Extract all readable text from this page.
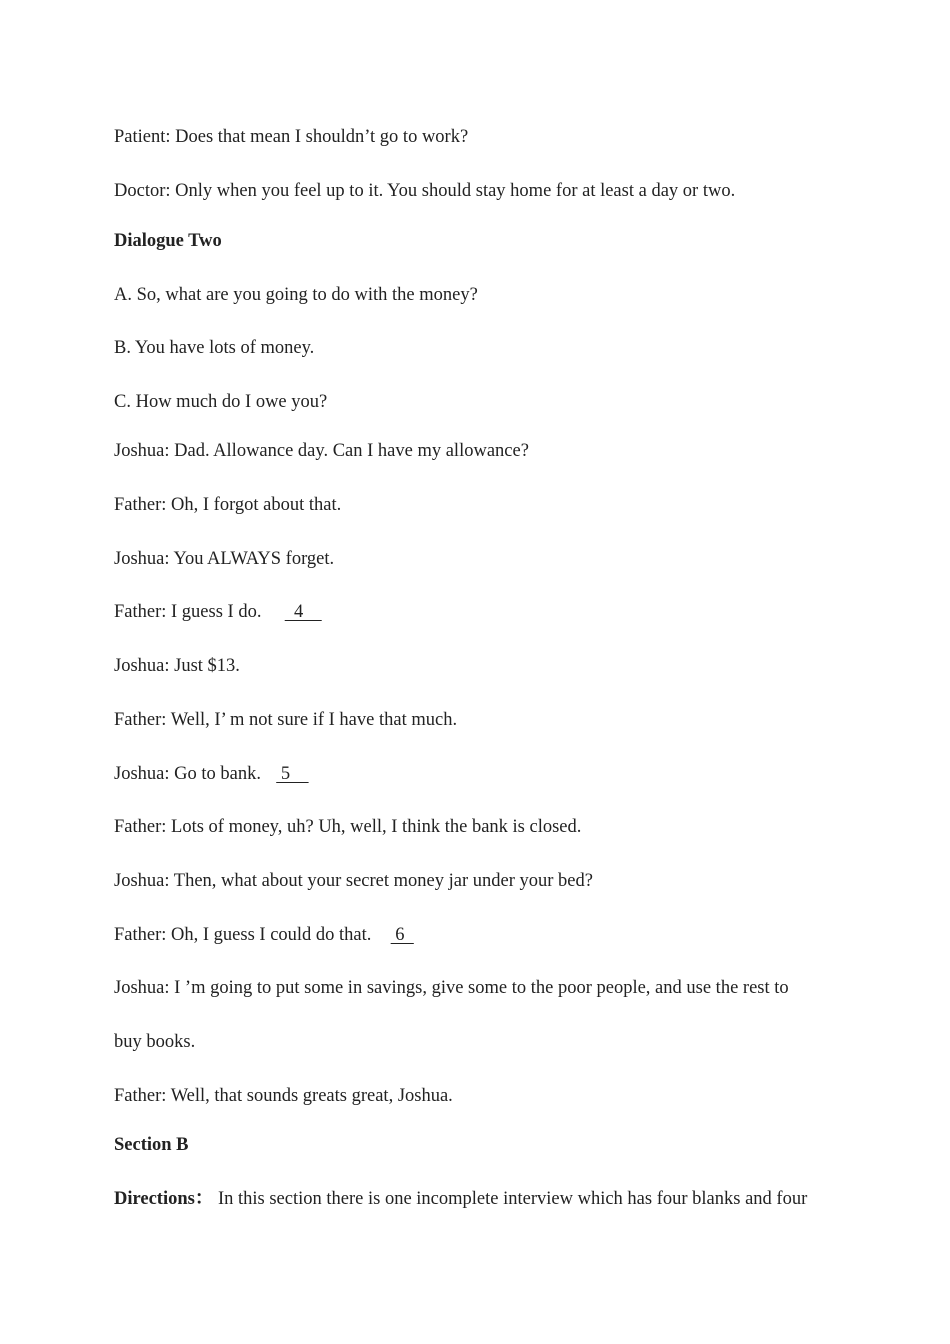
Patient: Does that mean I shouldn’t go to work?
Doctor: Only when you feel up to it. You should stay home for at least a day or two.
Dialogue Two
A. So, what are you going to do with the money?
B. You have lots of money.
C. How much do I owe you?
Joshua: Dad. Allowance day. Can I have my allowance?
Father: Oh, I forgot about that.
Joshua: You ALWAYS forget.
Father: I guess I do.    4
Joshua: Just $13.
Father: Well, I’ m not sure if I have that much.
Joshua: Go to bank.   5
Father: Lots of money, uh? Uh, well, I think the bank is closed.
Joshua: Then, what about your secret money jar under your bed?
Father: Oh, I guess I could do that.   6
Joshua: I ’m going to put some in savings, give some to the poor people, and use the rest to
buy books.
Father: Well, that sounds greats great, Joshua.
Section B
Directions： In this section there is one incomplete interview which has four blanks and four
